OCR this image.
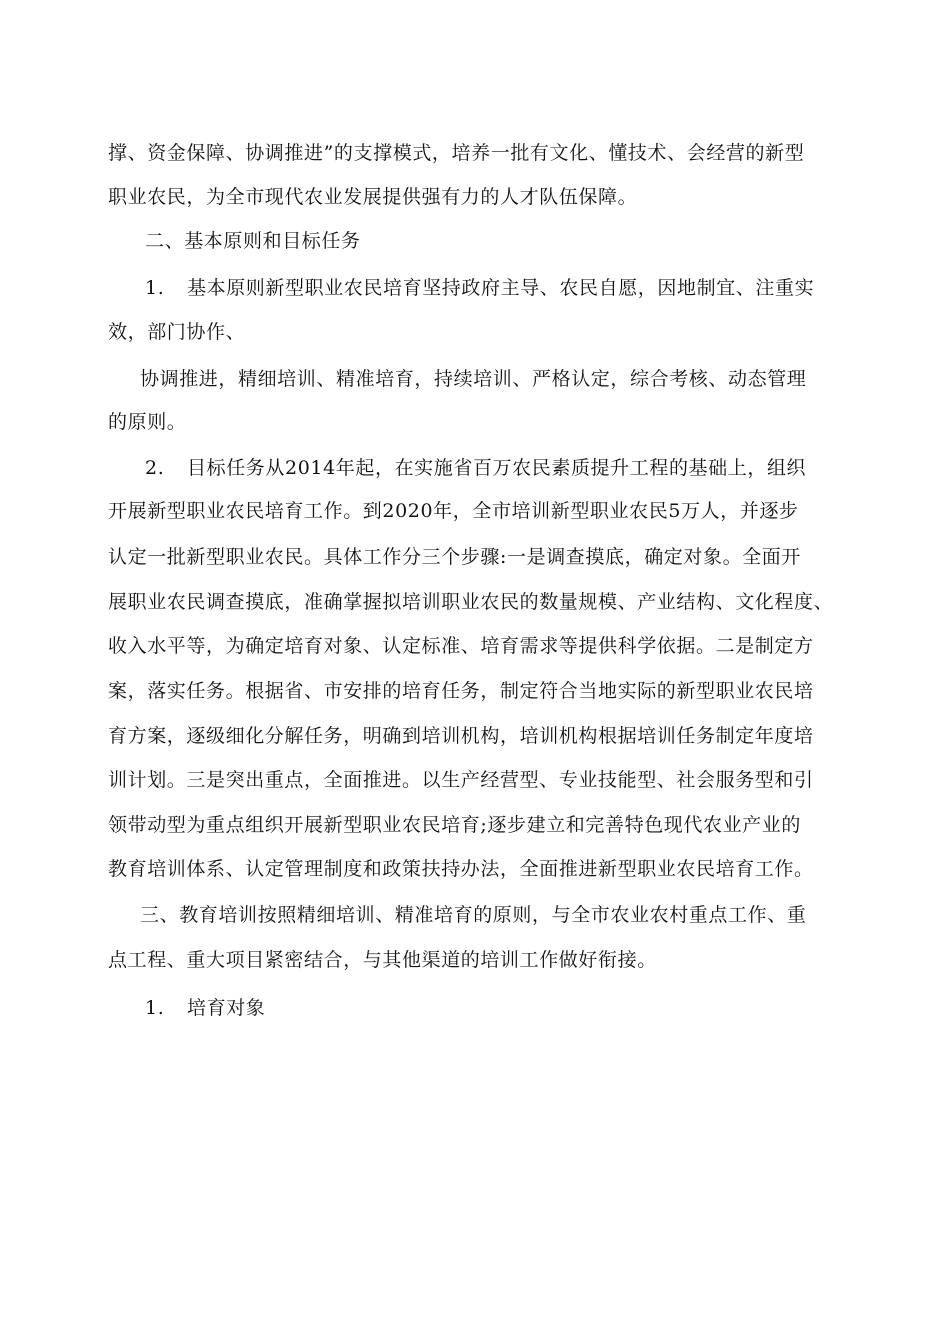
撑、资金保障、协调推进”的支撑模式，培养一批有文化、懂技术、会经营的新型
职业农民，为全市现代农业发展提供强有力的人才队伍保障。
二、基本原则和目标任务
1. 基本原则新型职业农民培育坚持政府主导、农民自愿，因地制宜、注重实
效，部门协作、
协调推进，精细培训、精准培育，持续培训、严格认定，综合考核、动态管理
的原则。
2. 目标任务从2014年起，在实施省百万农民素质提升工程的基础上，组织
开展新型职业农民培育工作。到2020年，全市培训新型职业农民5万人，并逐步
认定一批新型职业农民。具体工作分三个步骤:一是调查摸底，确定对象。全面开
展职业农民调查摸底，准确掌握拟培训职业农民的数量规模、产业结构、文化程度、
收入水平等，为确定培育对象、认定标准、培育需求等提供科学依据。二是制定方
案，落实任务。根据省、市安排的培育任务，制定符合当地实际的新型职业农民培
育方案，逐级细化分解任务，明确到培训机构，培训机构根据培训任务制定年度培
训计划。三是突出重点，全面推进。以生产经营型、专业技能型、社会服务型和引
领带动型为重点组织开展新型职业农民培育;逐步建立和完善特色现代农业产业的
教育培训体系、认定管理制度和政策扶持办法，全面推进新型职业农民培育工作。
三、教育培训按照精细培训、精准培育的原则，与全市农业农村重点工作、重
点工程、重大项目紧密结合，与其他渠道的培训工作做好衔接。
1. 培育对象
